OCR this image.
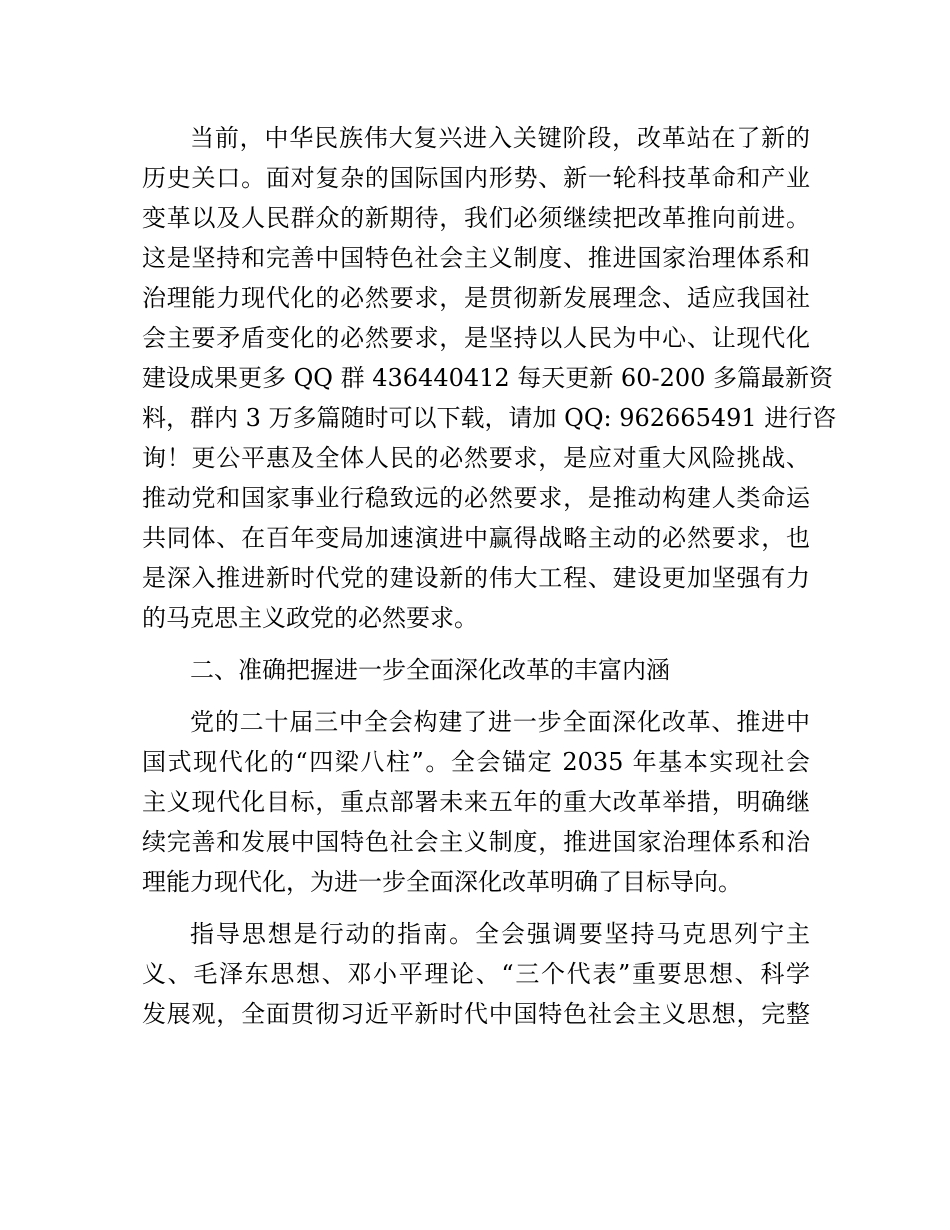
当前，中华民族伟大复兴进入关键阶段，改革站在了新的
历史关口。面对复杂的国际国内形势、新一轮科技革命和产业
变革以及人民群众的新期待，我们必须继续把改革推向前进。
这是坚持和完善中国特色社会主义制度、推进国家治理体系和
治理能力现代化的必然要求，是贯彻新发展理念、适应我国社
会主要矛盾变化的必然要求，是坚持以人民为中心、让现代化
建设成果更多 QQ 群 436440412 每天更新 60-200 多篇最新资
料，群内 3 万多篇随时可以下载，请加 QQ: 962665491 进行咨
询！更公平惠及全体人民的必然要求，是应对重大风险挑战、
推动党和国家事业行稳致远的必然要求，是推动构建人类命运
共同体、在百年变局加速演进中赢得战略主动的必然要求，也
是深入推进新时代党的建设新的伟大工程、建设更加坚强有力
的马克思主义政党的必然要求。
二、准确把握进一步全面深化改革的丰富内涵
党的二十届三中全会构建了进一步全面深化改革、推进中
国式现代化的“四梁八柱”。全会锚定 2035 年基本实现社会
主义现代化目标，重点部署未来五年的重大改革举措，明确继
续完善和发展中国特色社会主义制度，推进国家治理体系和治
理能力现代化，为进一步全面深化改革明确了目标导向。
指导思想是行动的指南。全会强调要坚持马克思列宁主
义、毛泽东思想、邓小平理论、“三个代表”重要思想、科学
发展观，全面贯彻习近平新时代中国特色社会主义思想，完整
